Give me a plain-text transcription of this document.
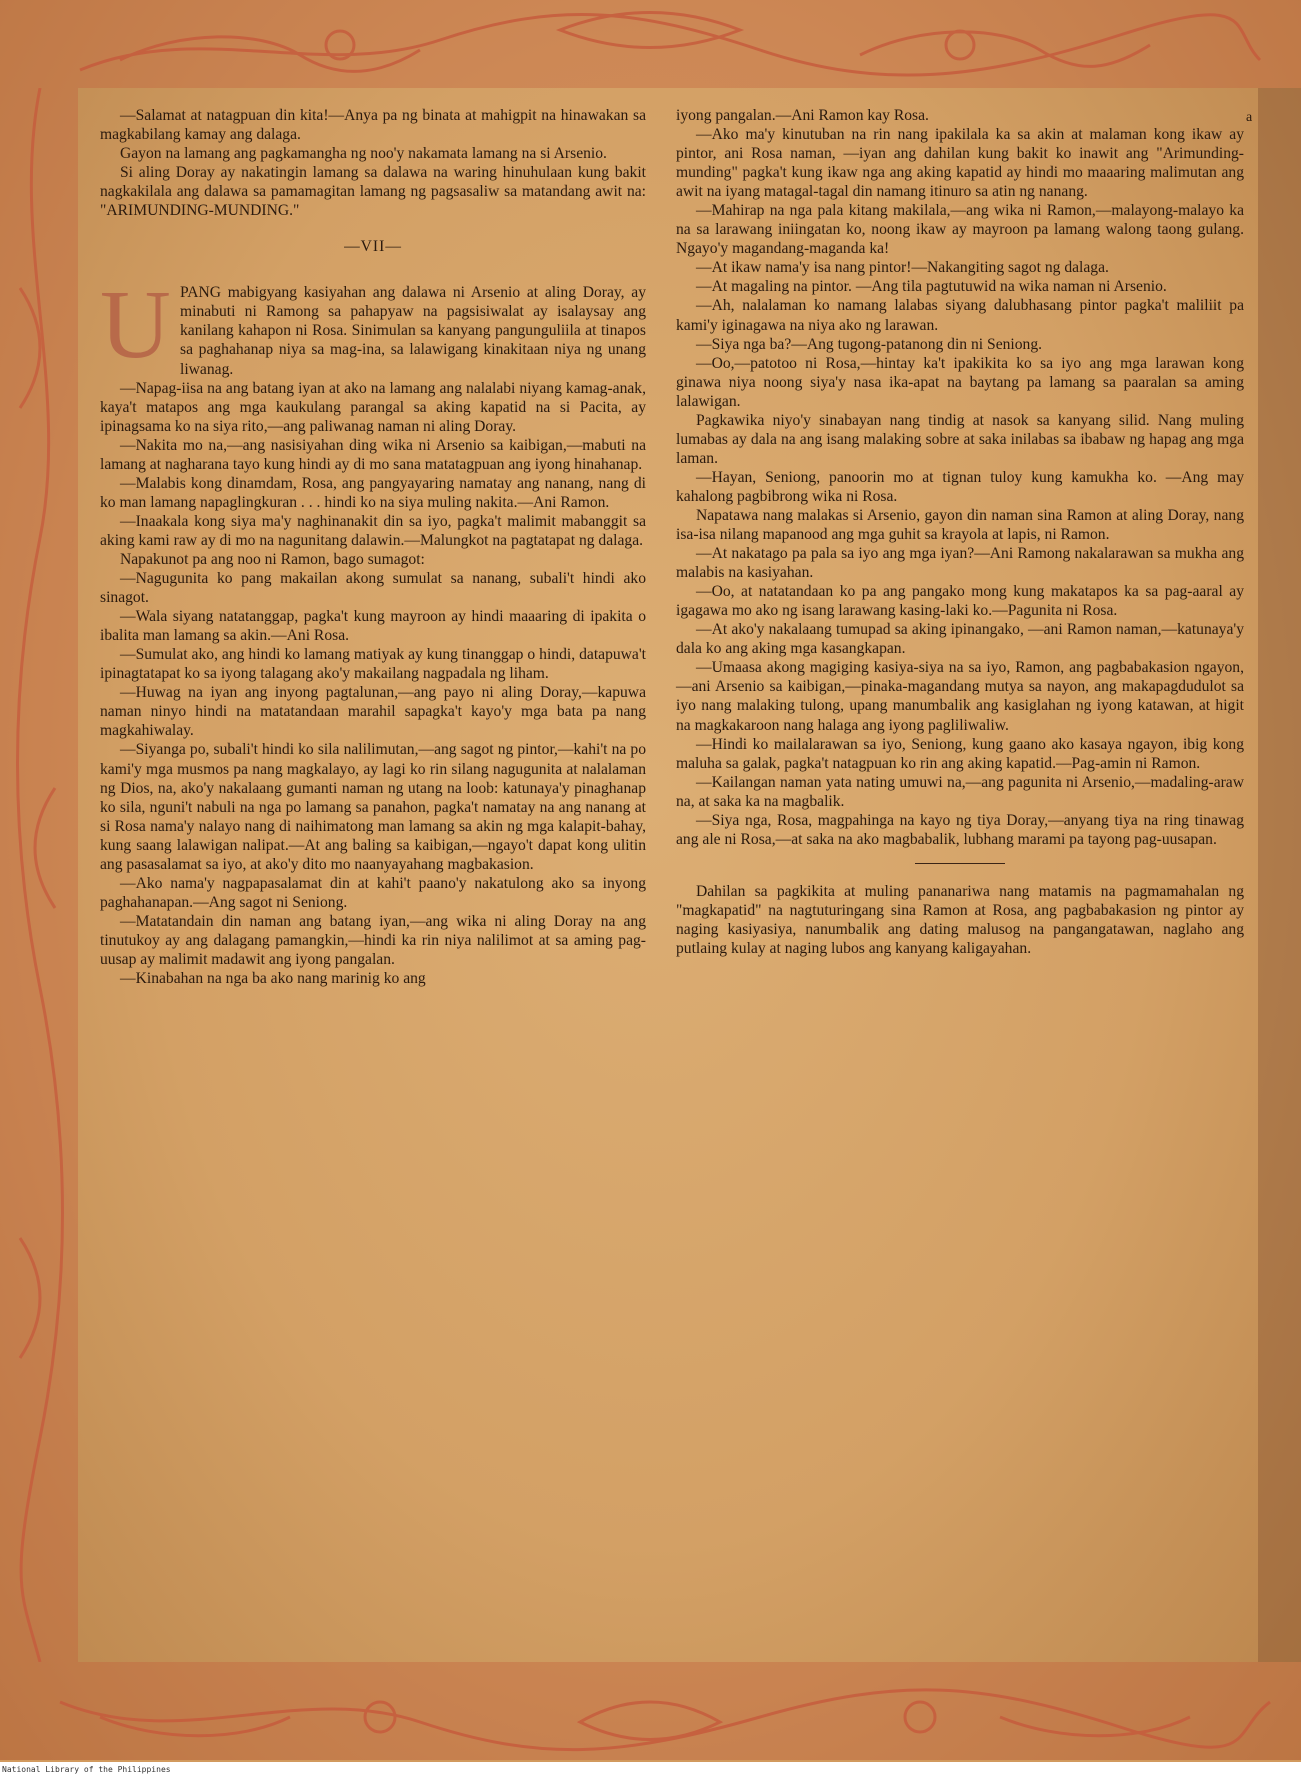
a

—Salamat at natagpuan din kita!—Anya pa ng binata at mahigpit na hinawakan sa magkabilang kamay ang dalaga.

Gayon na lamang ang pagkamangha ng noo'y nakamata lamang na si Arsenio.

Si aling Doray ay nakatingin lamang sa dalawa na waring hinuhulaan kung bakit nagkakilala ang dalawa sa pamamagitan lamang ng pagsasaliw sa matandang awit na: "ARIMUNDING-MUNDING."

—VII—

UPANG mabigyang kasiyahan ang dalawa ni Arsenio at aling Doray, ay minabuti ni Ramong sa pahapyaw na pagsisiwalat ay isalaysay ang kanilang kahapon ni Rosa. Sinimulan sa kanyang pangunguliila at tinapos sa paghahanap niya sa mag-ina, sa lalawigang kinakitaan niya ng unang liwanag.

—Napag-iisa na ang batang iyan at ako na lamang ang nalalabi niyang kamag-anak, kaya't matapos ang mga kaukulang parangal sa aking kapatid na si Pacita, ay ipinagsama ko na siya rito,—ang paliwanag naman ni aling Doray.

—Nakita mo na,—ang nasisiyahan ding wika ni Arsenio sa kaibigan,—mabuti na lamang at nagharana tayo kung hindi ay di mo sana matatagpuan ang iyong hinahanap.

—Malabis kong dinamdam, Rosa, ang pangyayaring namatay ang nanang, nang di ko man lamang napaglingkuran . . . hindi ko na siya muling nakita.—Ani Ramon.

—Inaakala kong siya ma'y naghinanakit din sa iyo, pagka't malimit mabanggit sa aking kami raw ay di mo na nagunitang dalawin.—Malungkot na pagtatapat ng dalaga.

Napakunot pa ang noo ni Ramon, bago sumagot:

—Nagugunita ko pang makailan akong sumulat sa nanang, subali't hindi ako sinagot.

—Wala siyang natatanggap, pagka't kung mayroon ay hindi maaaring di ipakita o ibalita man lamang sa akin.—Ani Rosa.

—Sumulat ako, ang hindi ko lamang matiyak ay kung tinanggap o hindi, datapuwa't ipinagtatapat ko sa iyong talagang ako'y makailang nagpadala ng liham.

—Huwag na iyan ang inyong pagtalunan,—ang payo ni aling Doray,—kapuwa naman ninyo hindi na matatandaan marahil sapagka't kayo'y mga bata pa nang magkahiwalay.

—Siyanga po, subali't hindi ko sila nalilimutan,—ang sagot ng pintor,—kahi't na po kami'y mga musmos pa nang magkalayo, ay lagi ko rin silang nagugunita at nalalaman ng Dios, na, ako'y nakalaang gumanti naman ng utang na loob: katunaya'y pinaghanap ko sila, nguni't nabuli na nga po lamang sa panahon, pagka't namatay na ang nanang at si Rosa nama'y nalayo nang di naihimatong man lamang sa akin ng mga kalapit-bahay, kung saang lalawigan nalipat.—At ang baling sa kaibigan,—ngayo't dapat kong ulitin ang pasasalamat sa iyo, at ako'y dito mo naanyayahang magbakasion.

—Ako nama'y nagpapasalamat din at kahi't paano'y nakatulong ako sa inyong paghahanapan.—Ang sagot ni Seniong.

—Matatandain din naman ang batang iyan,—ang wika ni aling Doray na ang tinutukoy ay ang dalagang pamangkin,—hindi ka rin niya nalilimot at sa aming pag-uusap ay malimit madawit ang iyong pangalan.

—Kinabahan na nga ba ako nang marinig ko ang

iyong pangalan.—Ani Ramon kay Rosa.

—Ako ma'y kinutuban na rin nang ipakilala ka sa akin at malaman kong ikaw ay pintor, ani Rosa naman, —iyan ang dahilan kung bakit ko inawit ang "Arimunding-munding" pagka't kung ikaw nga ang aking kapatid ay hindi mo maaaring malimutan ang awit na iyang matagal-tagal din namang itinuro sa atin ng nanang.

—Mahirap na nga pala kitang makilala,—ang wika ni Ramon,—malayong-malayo ka na sa larawang iniingatan ko, noong ikaw ay mayroon pa lamang walong taong gulang. Ngayo'y magandang-maganda ka!

—At ikaw nama'y isa nang pintor!—Nakangiting sagot ng dalaga.

—At magaling na pintor. —Ang tila pagtutuwid na wika naman ni Arsenio.

—Ah, nalalaman ko namang lalabas siyang dalubhasang pintor pagka't maliliit pa kami'y iginagawa na niya ako ng larawan.

—Siya nga ba?—Ang tugong-patanong din ni Seniong.

—Oo,—patotoo ni Rosa,—hintay ka't ipakikita ko sa iyo ang mga larawan kong ginawa niya noong siya'y nasa ika-apat na baytang pa lamang sa paaralan sa aming lalawigan.

Pagkawika niyo'y sinabayan nang tindig at nasok sa kanyang silid. Nang muling lumabas ay dala na ang isang malaking sobre at saka inilabas sa ibabaw ng hapag ang mga laman.

—Hayan, Seniong, panoorin mo at tignan tuloy kung kamukha ko. —Ang may kahalong pagbibrong wika ni Rosa.

Napatawa nang malakas si Arsenio, gayon din naman sina Ramon at aling Doray, nang isa-isa nilang mapanood ang mga guhit sa krayola at lapis, ni Ramon.

—At nakatago pa pala sa iyo ang mga iyan?—Ani Ramong nakalarawan sa mukha ang malabis na kasiyahan.

—Oo, at natatandaan ko pa ang pangako mong kung makatapos ka sa pag-aaral ay igagawa mo ako ng isang larawang kasing-laki ko.—Pagunita ni Rosa.

—At ako'y nakalaang tumupad sa aking ipinangako, —ani Ramon naman,—katunaya'y dala ko ang aking mga kasangkapan.

—Umaasa akong magiging kasiya-siya na sa iyo, Ramon, ang pagbabakasion ngayon,—ani Arsenio sa kaibigan,—pinaka-magandang mutya sa nayon, ang makapagdudulot sa iyo nang malaking tulong, upang manumbalik ang kasiglahan ng iyong katawan, at higit na magkakaroon nang halaga ang iyong pagliliwaliw.

—Hindi ko mailalarawan sa iyo, Seniong, kung gaano ako kasaya ngayon, ibig kong maluha sa galak, pagka't natagpuan ko rin ang aking kapatid.—Pag-amin ni Ramon.

—Kailangan naman yata nating umuwi na,—ang pagunita ni Arsenio,—madaling-araw na, at saka ka na magbalik.

—Siya nga, Rosa, magpahinga na kayo ng tiya Doray,—anyang tiya na ring tinawag ang ale ni Rosa,—at saka na ako magbabalik, lubhang marami pa tayong pag-uusapan.

Dahilan sa pagkikita at muling pananariwa nang matamis na pagmamahalan ng "magkapatid" na nagtuturingang sina Ramon at Rosa, ang pagbabakasion ng pintor ay naging kasiyasiya, nanumbalik ang dating malusog na pangangatawan, naglaho ang putlaing kulay at naging lubos ang kanyang kaligayahan.

National Library of the Philippines
